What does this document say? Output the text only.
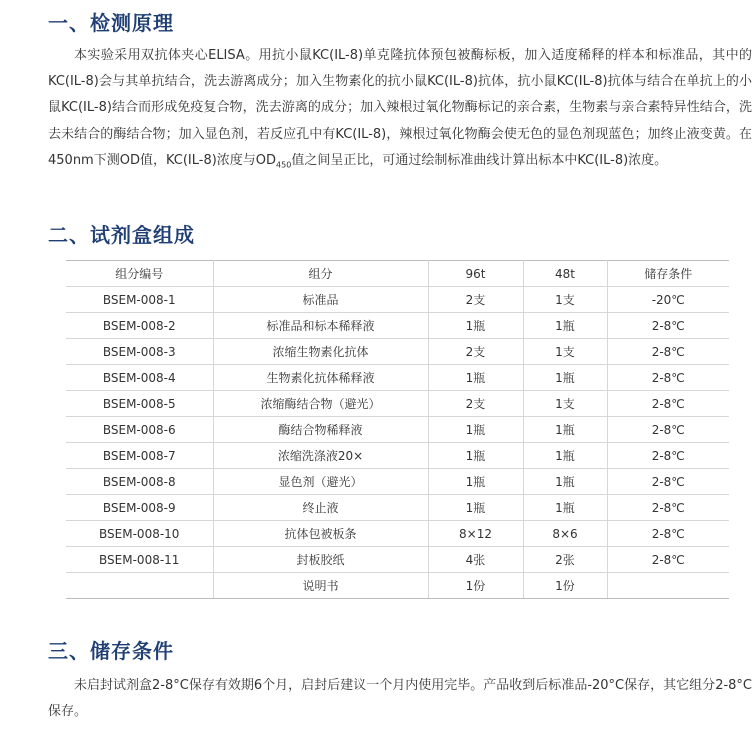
一、检测原理

本实验采用双抗体夹心ELISA。用抗小鼠KC(IL-8)单克隆抗体预包被酶标板，加入适度稀释的样本和标准品，其中的KC(IL-8)会与其单抗结合，洗去游离成分；加入生物素化的抗小鼠KC(IL-8)抗体，抗小鼠KC(IL-8)抗体与结合在单抗上的小鼠KC(IL-8)结合而形成免疫复合物，洗去游离的成分；加入辣根过氧化物酶标记的亲合素，生物素与亲合素特异性结合，洗去未结合的酶结合物；加入显色剂，若反应孔中有KC(IL-8)，辣根过氧化物酶会使无色的显色剂现蓝色；加终止液变黄。在450nm下测OD值，KC(IL-8)浓度与$OD_{450}$值之间呈正比，可通过绘制标准曲线计算出标本中KC(IL-8)浓度。

二、试剂盒组成
组分编号	组分	96t	48t	储存条件
BSEM-008-1	标准品	2支	1支	-20℃
BSEM-008-2	标准品和标本稀释液	1瓶	1瓶	2-8℃
BSEM-008-3	浓缩生物素化抗体	2支	1支	2-8℃
BSEM-008-4	生物素化抗体稀释液	1瓶	1瓶	2-8℃
BSEM-008-5	浓缩酶结合物（避光）	2支	1支	2-8℃
BSEM-008-6	酶结合物稀释液	1瓶	1瓶	2-8℃
BSEM-008-7	浓缩洗涤液20×	1瓶	1瓶	2-8℃
BSEM-008-8	显色剂（避光）	1瓶	1瓶	2-8℃
BSEM-008-9	终止液	1瓶	1瓶	2-8℃
BSEM-008-10	抗体包被板条	8×12	8×6	2-8℃
BSEM-008-11	封板胶纸	4张	2张	2-8℃
	说明书	1份	1份	
三、储存条件

未启封试剂盒2-8°C保存有效期6个月，启封后建议一个月内使用完毕。产品收到后标准品-20°C保存，其它组分2-8°C保存。
